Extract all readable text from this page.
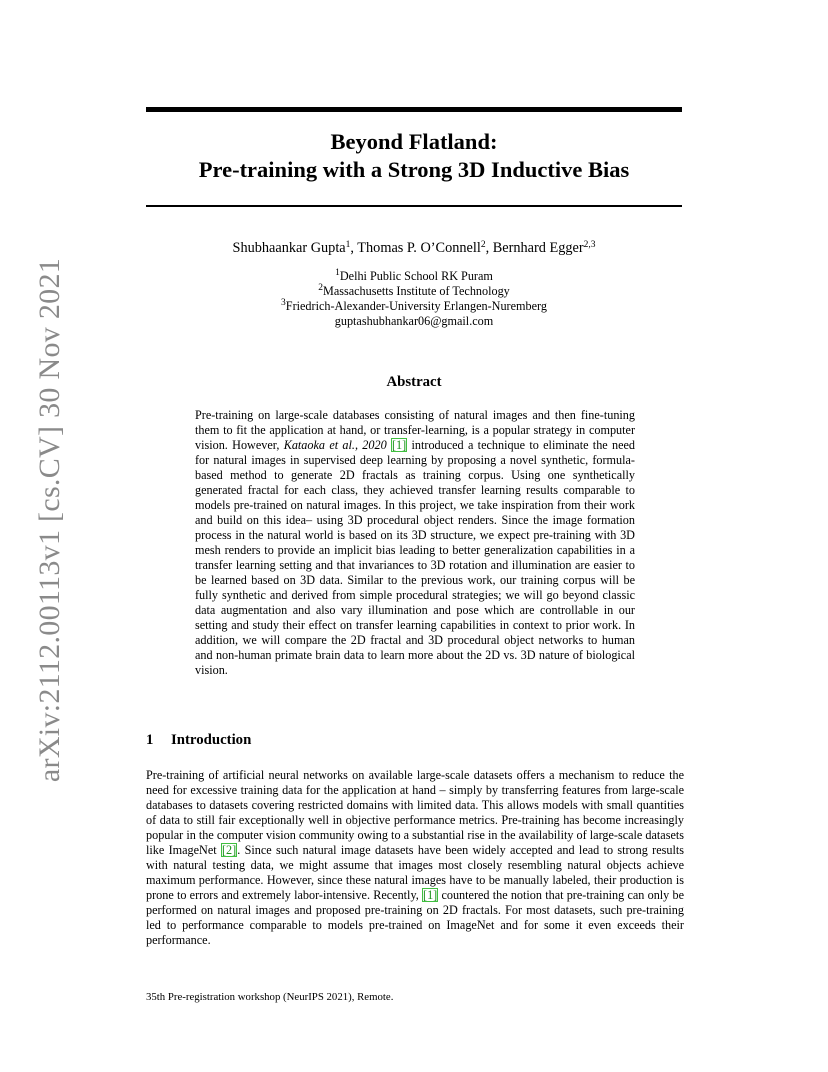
arXiv:2112.00113v1 [cs.CV] 30 Nov 2021
Beyond Flatland:
Pre-training with a Strong 3D Inductive Bias
Shubhaankar Gupta$^1$, Thomas P. O’Connell$^2$, Bernhard Egger$^{2,3}$
$^1$Delhi Public School RK Puram
$^2$Massachusetts Institute of Technology
$^3$Friedrich-Alexander-University Erlangen-Nuremberg
guptashubhankar06@gmail.com
Abstract

Pre-training on large-scale databases consisting of natural images and then fine-tuning them to fit the application at hand, or transfer-learning, is a popular strategy in computer vision. However, Kataoka et al., 2020 [1] introduced a technique to eliminate the need for natural images in supervised deep learning by proposing a novel synthetic, formula-based method to generate 2D fractals as training corpus. Using one synthetically generated fractal for each class, they achieved transfer learning results comparable to models pre-trained on natural images. In this project, we take inspiration from their work and build on this idea– using 3D procedural object renders. Since the image formation process in the natural world is based on its 3D structure, we expect pre-training with 3D mesh renders to provide an implicit bias leading to better generalization capabilities in a transfer learning setting and that invariances to 3D rotation and illumination are easier to be learned based on 3D data. Similar to the previous work, our training corpus will be fully synthetic and derived from simple procedural strategies; we will go beyond classic data augmentation and also vary illumination and pose which are controllable in our setting and study their effect on transfer learning capabilities in context to prior work. In addition, we will compare the 2D fractal and 3D procedural object networks to human and non-human primate brain data to learn more about the 2D vs. 3D nature of biological vision.

1 Introduction

Pre-training of artificial neural networks on available large-scale datasets offers a mechanism to reduce the need for excessive training data for the application at hand – simply by transferring features from large-scale databases to datasets covering restricted domains with limited data. This allows models with small quantities of data to still fair exceptionally well in objective performance metrics. Pre-training has become increasingly popular in the computer vision community owing to a substantial rise in the availability of large-scale datasets like ImageNet [2]. Since such natural image datasets have been widely accepted and lead to strong results with natural testing data, we might assume that images most closely resembling natural objects achieve maximum performance. However, since these natural images have to be manually labeled, their production is prone to errors and extremely labor-intensive. Recently, [1] countered the notion that pre-training can only be performed on natural images and proposed pre-training on 2D fractals. For most datasets, such pre-training led to performance comparable to models pre-trained on ImageNet and for some it even exceeds their performance.

35th Pre-registration workshop (NeurIPS 2021), Remote.
